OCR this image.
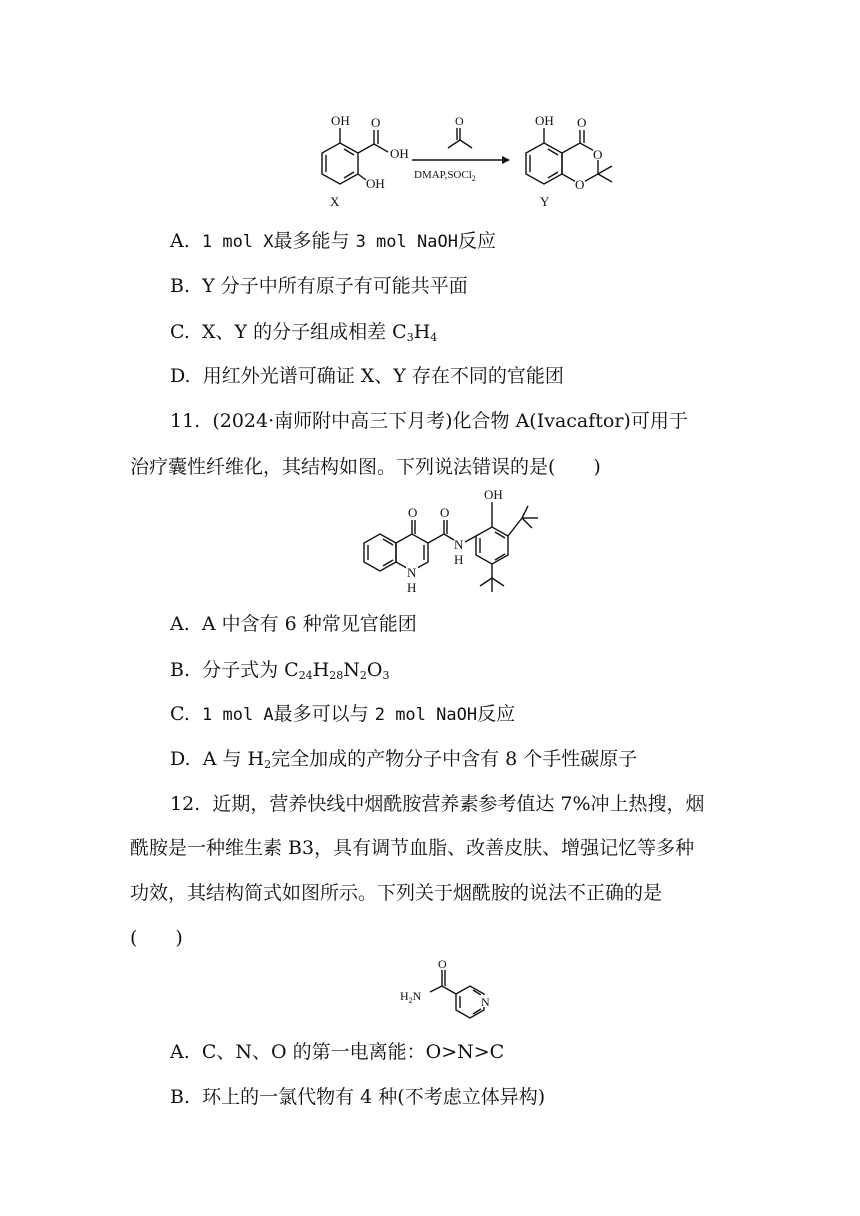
OH O
OH
OH
X
O
DMAP,SOCl$_2$
OH O
O
O
Y
A. 1 mol X最多能与 3 mol NaOH反应
B. Y 分子中所有原子有可能共平面
C. X、Y 的分子组成相差 $C_3H_4$
D. 用红外光谱可确证 X、Y 存在不同的官能团
11. (2024·南师附中高三下月考)化合物 A(Ivacaftor)可用于
治疗囊性纤维化，其结构如图。下列说法错误的是(　　)
O
N
H
O
N
H
OH
A. A 中含有 6 种常见官能团
B. 分子式为 $C_{24}H_{28}N_2O_3$
C. 1 mol A最多可以与 2 mol NaOH反应
D. A 与 $H_2$完全加成的产物分子中含有 8 个手性碳原子
12. 近期，营养快线中烟酰胺营养素参考值达 7%冲上热搜，烟
酰胺是一种维生素 B3，具有调节血脂、改善皮肤、增强记忆等多种
功效，其结构简式如图所示。下列关于烟酰胺的说法不正确的是
(　　)
O
$H_2N$	N
A. C、N、O 的第一电离能：O>N>C
B. 环上的一氯代物有 4 种(不考虑立体异构)
